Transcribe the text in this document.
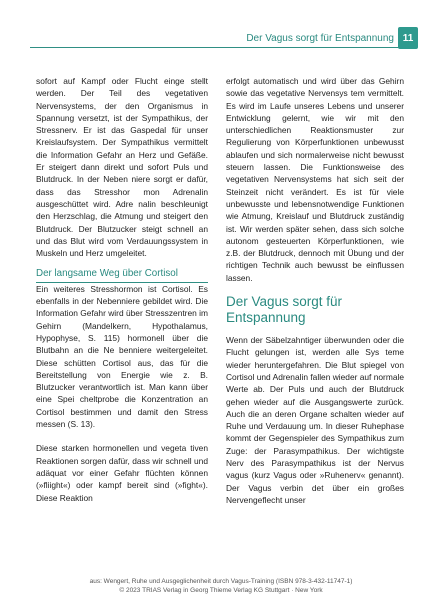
Der Vagus sorgt für Entspannung 11

sofort auf Kampf oder Flucht einge stellt werden. Der Teil des vegetativen Nervensystems, der den Organismus in Spannung versetzt, ist der Sympathikus, der Stressnerv. Er ist das Gaspedal für unser Kreislaufsystem. Der Sympathikus vermittelt die Information Gefahr an Herz und Gefäße. Er steigert dann direkt und sofort Puls und Blutdruck. In der Neben niere sorgt er dafür, dass das Stresshor mon Adrenalin ausgeschüttet wird. Adre nalin beschleunigt den Herzschlag, die Atmung und steigert den Blutdruck. Der Blutzucker steigt schnell an und das Blut wird vom Verdauungssystem in Muskeln und Herz umgeleitet.

Der langsame Weg über Cortisol

Ein weiteres Stresshormon ist Cortisol. Es ebenfalls in der Nebenniere gebildet wird. Die Information Gefahr wird über Stresszentren im Gehirn (Mandelkern, Hypothalamus, Hypophyse, S. 115) hormonell über die Blutbahn an die Ne benniere weitergeleitet. Diese schütten Cortisol aus, das für die Bereitstellung von Energie wie z. B. Blutzucker verantwortlich ist. Man kann über eine Spei cheltprobe die Konzentration an Cortisol bestimmen und damit den Stress messen (S. 13).

Diese starken hormonellen und vegeta tiven Reaktionen sorgen dafür, dass wir schnell und adäquat vor einer Gefahr flüchten können (»fliight«) oder kampf bereit sind (»fight«). Diese Reaktion

erfolgt automatisch und wird über das Gehirn sowie das vegetative Nervensys tem vermittelt. Es wird im Laufe unseres Lebens und unserer Entwicklung gelernt, wie wir mit den unterschiedlichen Reaktionsmuster zur Regulierung von Körperfunktionen unbewusst ablaufen und sich normalerweise nicht bewusst steuern lassen. Die Funktionsweise des vegetativen Nervensystems hat sich seit der Steinzeit nicht verändert. Es ist für viele unbewusste und lebensnotwendige Funktionen wie Atmung, Kreislauf und Blutdruck zuständig ist. Wir werden später sehen, dass sich solche autonom gesteuerten Körperfunktionen, wie z.B. der Blutdruck, dennoch mit Übung und der richtigen Technik auch bewusst be einflussen lassen.

Der Vagus sorgt für Entspannung

Wenn der Säbelzahntiger überwunden oder die Flucht gelungen ist, werden alle Sys teme wieder heruntergefahren. Die Blut spiegel von Cortisol und Adrenalin fallen wieder auf normale Werte ab. Der Puls und auch der Blutdruck gehen wieder auf die Ausgangswerte zurück. Auch die an deren Organe schalten wieder auf Ruhe und Verdauung um. In dieser Ruhephase kommt der Gegenspieler des Sympathikus zum Zuge: der Parasympathikus. Der wichtigste Nerv des Parasympathikus ist der Nervus vagus (kurz Vagus oder »Ruhenerv« genannt). Der Vagus verbin det über ein großes Nervengeflecht unser

aus: Wengert, Ruhe und Ausgeglichenheit durch Vagus-Training (ISBN 978-3-432-11747-1)
© 2023 TRIAS Verlag in Georg Thieme Verlag KG Stuttgart · New York
